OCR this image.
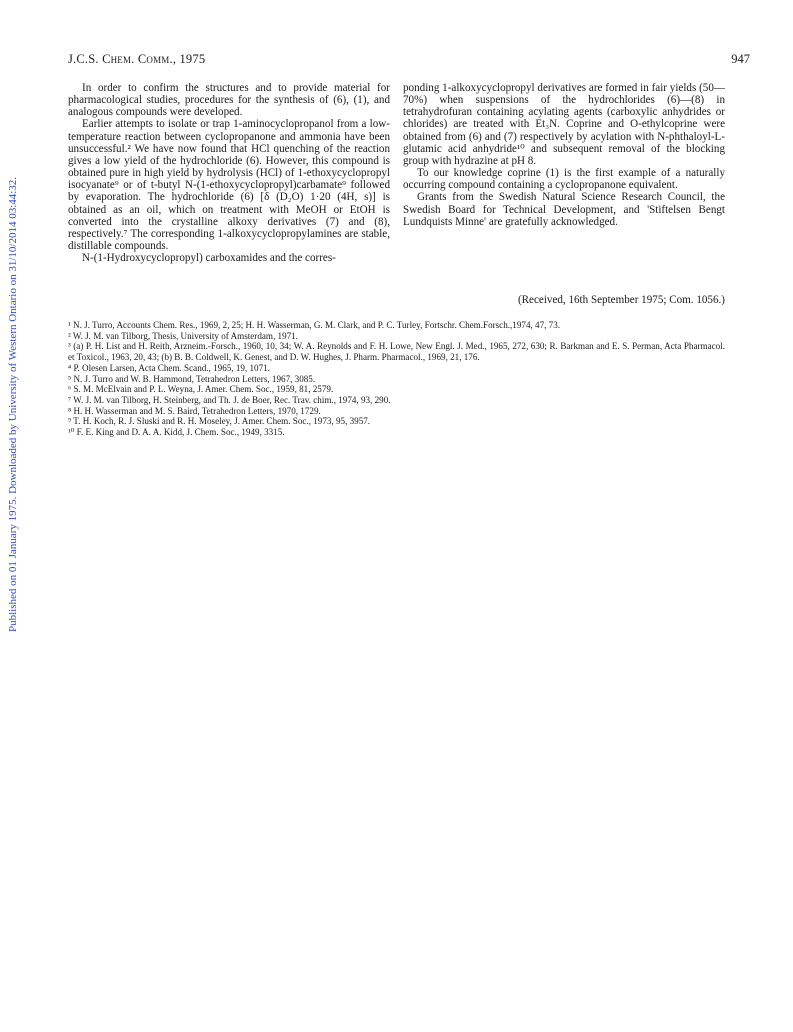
J.C.S. Chem. Comm., 1975	947
Published on 01 January 1975. Downloaded by University of Western Ontario on 31/10/2014 03:44:32.

In order to confirm the structures and to provide material for pharmacological studies, procedures for the synthesis of (6), (1), and analogous compounds were developed.

Earlier attempts to isolate or trap 1-aminocyclopropanol from a low-temperature reaction between cyclopropanone and ammonia have been unsuccessful.² We have now found that HCl quenching of the reaction gives a low yield of the hydrochloride (6). However, this compound is obtained pure in high yield by hydrolysis (HCl) of 1-ethoxycyclopropyl isocyanate⁹ or of t-butyl N-(1-ethoxycyclopropyl)carbamate⁹ followed by evaporation. The hydrochloride (6) [δ (D₂O) 1·20 (4H, s)] is obtained as an oil, which on treatment with MeOH or EtOH is converted into the crystalline alkoxy derivatives (7) and (8), respectively.⁷ The corresponding 1-alkoxycyclopropylamines are stable, distillable compounds.

N-(1-Hydroxycyclopropyl) carboxamides and the corres-

ponding 1-alkoxycyclopropyl derivatives are formed in fair yields (50—70%) when suspensions of the hydrochlorides (6)—(8) in tetrahydrofuran containing acylating agents (carboxylic anhydrides or chlorides) are treated with Et₃N. Coprine and O-ethylcoprine were obtained from (6) and (7) respectively by acylation with N-phthaloyl-L-glutamic acid anhydride¹⁰ and subsequent removal of the blocking group with hydrazine at pH 8.

To our knowledge coprine (1) is the first example of a naturally occurring compound containing a cyclopropanone equivalent.

Grants from the Swedish Natural Science Research Council, the Swedish Board for Technical Development, and 'Stiftelsen Bengt Lundquists Minne' are gratefully acknowledged.

(Received, 16th September 1975; Com. 1056.)
¹ N. J. Turro, Accounts Chem. Res., 1969, 2, 25; H. H. Wasserman, G. M. Clark, and P. C. Turley, Fortschr. Chem.Forsch.,1974, 47, 73.
² W. J. M. van Tilborg, Thesis, University of Amsterdam, 1971.
³ (a) P. H. List and H. Reith, Arzneim.-Forsch., 1960, 10, 34; W. A. Reynolds and F. H. Lowe, New Engl. J. Med., 1965, 272, 630; R. Barkman and E. S. Perman, Acta Pharmacol. et Toxicol., 1963, 20, 43; (b) B. B. Coldwell, K. Genest, and D. W. Hughes, J. Pharm. Pharmacol., 1969, 21, 176.
⁴ P. Olesen Larsen, Acta Chem. Scand., 1965, 19, 1071.
⁵ N. J. Turro and W. B. Hammond, Tetrahedron Letters, 1967, 3085.
⁶ S. M. McElvain and P. L. Weyna, J. Amer. Chem. Soc., 1959, 81, 2579.
⁷ W. J. M. van Tilborg, H. Steinberg, and Th. J. de Boer, Rec. Trav. chim., 1974, 93, 290.
⁸ H. H. Wasserman and M. S. Baird, Tetrahedron Letters, 1970, 1729.
⁹ T. H. Koch, R. J. Sluski and R. H. Moseley, J. Amer. Chem. Soc., 1973, 95, 3957.
¹⁰ F. E. King and D. A. A. Kidd, J. Chem. Soc., 1949, 3315.
